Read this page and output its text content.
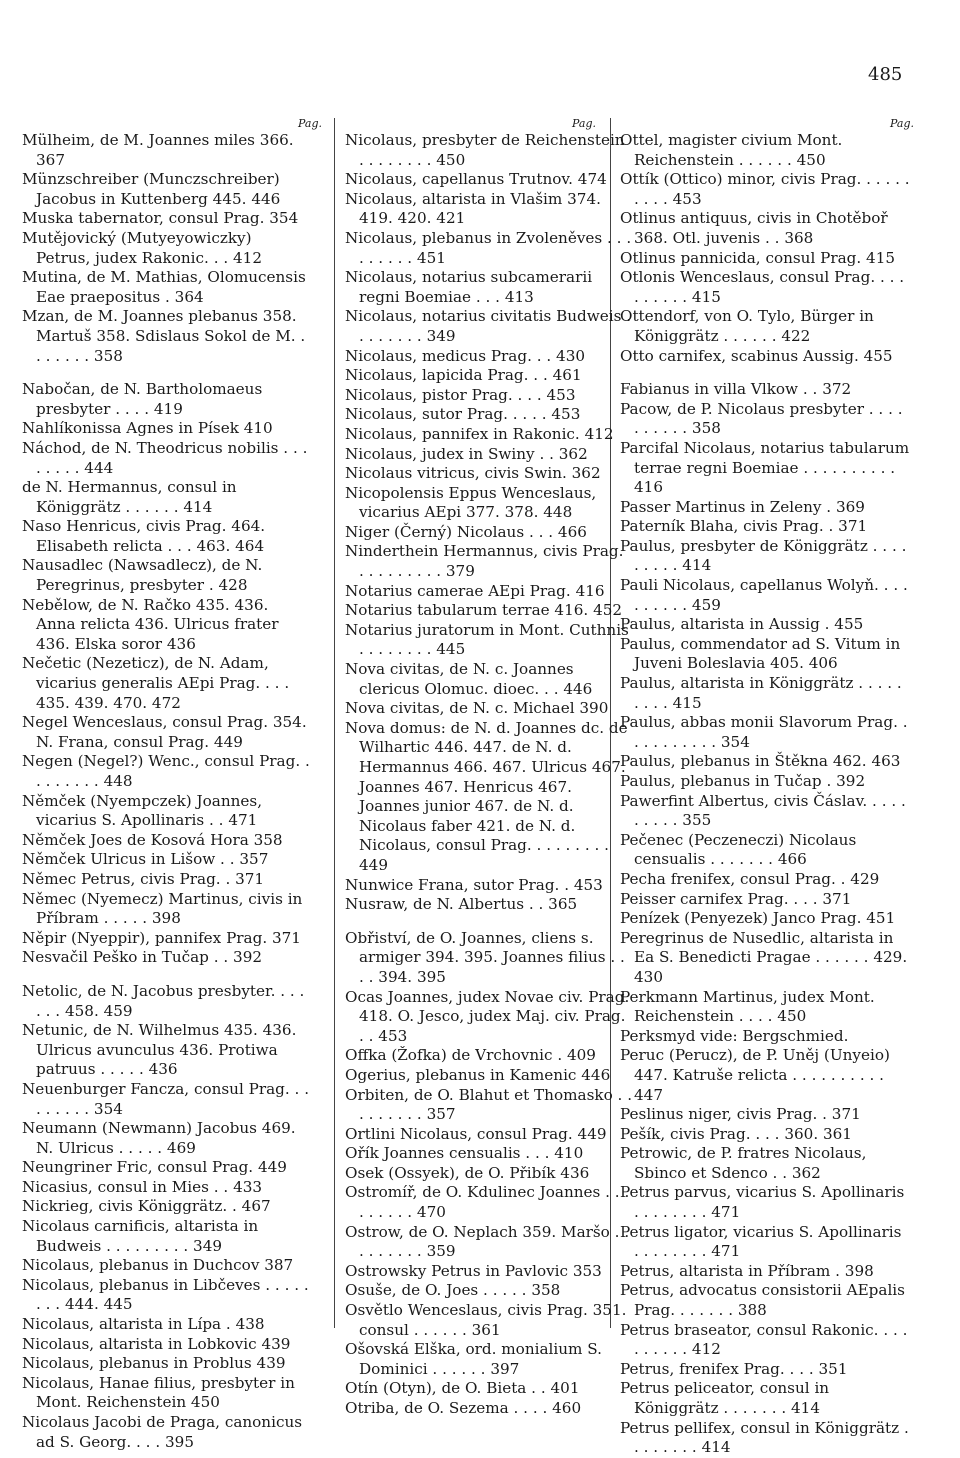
485
Pag.	Pag.	Pag.
Mülheim, de M. Joannes miles 366. 367
Münzschreiber (Munczschreiber) Jacobus in Kuttenberg 445. 446
Muska tabernator, consul Prag. 354
Mutějovický (Mutyeyowiczky) Petrus, judex Rakonic. . . 412
Mutina, de M. Mathias, Olomucensis Eae praepositus . 364
Mzan, de M. Joannes plebanus 358. Martuš 358. Sdislaus Sokol de M. . . . . . . . 358
Nabočan, de N. Bartholomaeus presbyter . . . . 419
Nahlíkonissa Agnes in Písek 410
Náchod, de N. Theodricus nobilis . . . . . . . . 444
de N. Hermannus, consul in Königgrätz . . . . . . 414
Naso Henricus, civis Prag. 464. Elisabeth relicta . . . 463. 464
Nausadlec (Nawsadlecz), de N. Peregrinus, presbyter . 428
Nebělow, de N. Račko 435. 436. Anna relicta 436. Ulricus frater 436. Elska soror 436
Nečetic (Nezeticz), de N. Adam, vicarius generalis AEpi Prag. . . . 435. 439. 470. 472
Negel Wenceslaus, consul Prag. 354. N. Frana, consul Prag. 449
Negen (Negel?) Wenc., consul Prag. . . . . . . . . 448
Němček (Nyempczek) Joannes, vicarius S. Apollinaris . . 471
Němček Joes de Kosová Hora 358
Němček Ulricus in Lišow . . 357
Němec Petrus, civis Prag. . 371
Němec (Nyemecz) Martinus, civis in Příbram . . . . . 398
Něpir (Nyeppir), pannifex Prag. 371
Nesvačil Peško in Tučap . . 392
Netolic, de N. Jacobus presbyter. . . . . . . 458. 459
Netunic, de N. Wilhelmus 435. 436. Ulricus avunculus 436. Protiwa patruus . . . . . 436
Neuenburger Fancza, consul Prag. . . . . . . . . 354
Neumann (Newmann) Jacobus 469. N. Ulricus . . . . . 469
Neungriner Fric, consul Prag. 449
Nicasius, consul in Mies . . 433
Nickrieg, civis Königgrätz. . 467
Nicolaus carnificis, altarista in Budweis . . . . . . . . . 349
Nicolaus, plebanus in Duchcov 387
Nicolaus, plebanus in Libčeves . . . . . . . . 444. 445
Nicolaus, altarista in Lípa . 438
Nicolaus, altarista in Lobkovic 439
Nicolaus, plebanus in Problus 439
Nicolaus, Hanae filius, presbyter in Mont. Reichenstein 450
Nicolaus Jacobi de Praga, canonicus ad S. Georg. . . . 395
Nicolaus, presbyter de Reichenstein . . . . . . . . 450
Nicolaus, capellanus Trutnov. 474
Nicolaus, altarista in Vlašim 374. 419. 420. 421
Nicolaus, plebanus in Zvoleněves . . . . . . . . . 451
Nicolaus, notarius subcamerarii regni Boemiae . . . 413
Nicolaus, notarius civitatis Budweis . . . . . . . . 349
Nicolaus, medicus Prag. . . 430
Nicolaus, lapicida Prag. . . 461
Nicolaus, pistor Prag. . . . 453
Nicolaus, sutor Prag. . . . . 453
Nicolaus, pannifex in Rakonic. 412
Nicolaus, judex in Swiny . . 362
Nicolaus vitricus, civis Swin. 362
Nicopolensis Eppus Wenceslaus, vicarius AEpi 377. 378. 448
Niger (Černý) Nicolaus . . . 466
Ninderthein Hermannus, civis Prag. . . . . . . . . . 379
Notarius camerae AEpi Prag. 416
Notarius tabularum terrae 416. 452
Notarius juratorum in Mont. Cuthnis . . . . . . . . 445
Nova civitas, de N. c. Joannes clericus Olomuc. dioec. . . 446
Nova civitas, de N. c. Michael 390
Nova domus: de N. d. Joannes dc. de Wilhartic 446. 447. de N. d. Hermannus 466. 467. Ulricus 467. Joannes 467. Henricus 467. Joannes junior 467. de N. d. Nicolaus faber 421. de N. d. Nicolaus, consul Prag. . . . . . . . . 449
Nunwice Frana, sutor Prag. . 453
Nusraw, de N. Albertus . . 365
Obřiství, de O. Joannes, cliens s. armiger 394. 395. Joannes filius . . . . 394. 395
Ocas Joannes, judex Novae civ. Prag. 418. O. Jesco, judex Maj. civ. Prag. . . 453
Offka (Žofka) de Vrchovnic . 409
Ogerius, plebanus in Kamenic 446
Orbiten, de O. Blahut et Thomasko . . . . . . . . . 357
Ortlini Nicolaus, consul Prag. 449
Ořík Joannes censualis . . . 410
Osek (Ossyek), de O. Přibík 436
Ostromíř, de O. Kdulinec Joannes . . . . . . . . . 470
Ostrow, de O. Neplach 359. Maršo . . . . . . . . . 359
Ostrowsky Petrus in Pavlovic 353
Osuše, de O. Joes . . . . . 358
Osvětlo Wenceslaus, civis Prag. 351. consul . . . . . . 361
Ošovská Elška, ord. monialium S. Dominici . . . . . . 397
Otín (Otyn), de O. Bieta . . 401
Otriba, de O. Sezema . . . . 460
Ottel, magister civium Mont. Reichenstein . . . . . . 450
Ottík (Ottico) minor, civis Prag. . . . . . . . . . 453
Otlinus antiquus, civis in Chotěboř 368. Otl. juvenis . . 368
Otlinus pannicida, consul Prag. 415
Otlonis Wenceslaus, consul Prag. . . . . . . . . . 415
Ottendorf, von O. Tylo, Bürger in Königgrätz . . . . . . 422
Otto carnifex, scabinus Aussig. 455
Fabianus in villa Vlkow . . 372
Pacow, de P. Nicolaus presbyter . . . . . . . . . . 358
Parcifal Nicolaus, notarius tabularum terrae regni Boemiae . . . . . . . . . . 416
Passer Martinus in Zeleny . 369
Paterník Blaha, civis Prag. . 371
Paulus, presbyter de Königgrätz . . . . . . . . . 414
Pauli Nicolaus, capellanus Wolyň. . . . . . . . . . 459
Paulus, altarista in Aussig . 455
Paulus, commendator ad S. Vitum in Juveni Boleslavia 405. 406
Paulus, altarista in Königgrätz . . . . . . . . . 415
Paulus, abbas monii Slavorum Prag. . . . . . . . . . . 354
Paulus, plebanus in Štěkna 462. 463
Paulus, plebanus in Tučap . 392
Pawerfint Albertus, civis Čáslav. . . . . . . . . . 355
Pečenec (Peczeneczi) Nicolaus censualis . . . . . . . 466
Pecha frenifex, consul Prag. . 429
Peisser carnifex Prag. . . . 371
Penízek (Penyezek) Janco Prag. 451
Peregrinus de Nusedlic, altarista in Ea S. Benedicti Pragae . . . . . . 429. 430
Perkmann Martinus, judex Mont. Reichenstein . . . . 450
Perksmyd vide: Bergschmied.
Peruc (Perucz), de P. Uněj (Unyeio) 447. Katruše relicta . . . . . . . . . . 447
Peslinus niger, civis Prag. . 371
Pešík, civis Prag. . . . 360. 361
Petrowic, de P. fratres Nicolaus, Sbinco et Sdenco . . 362
Petrus parvus, vicarius S. Apollinaris . . . . . . . . 471
Petrus ligator, vicarius S. Apollinaris . . . . . . . . 471
Petrus, altarista in Příbram . 398
Petrus, advocatus consistorii AEpalis Prag. . . . . . . 388
Petrus braseator, consul Rakonic. . . . . . . . . . 412
Petrus, frenifex Prag. . . . 351
Petrus peliceator, consul in Königgrätz . . . . . . . 414
Petrus pellifex, consul in Königgrätz . . . . . . . . 414
